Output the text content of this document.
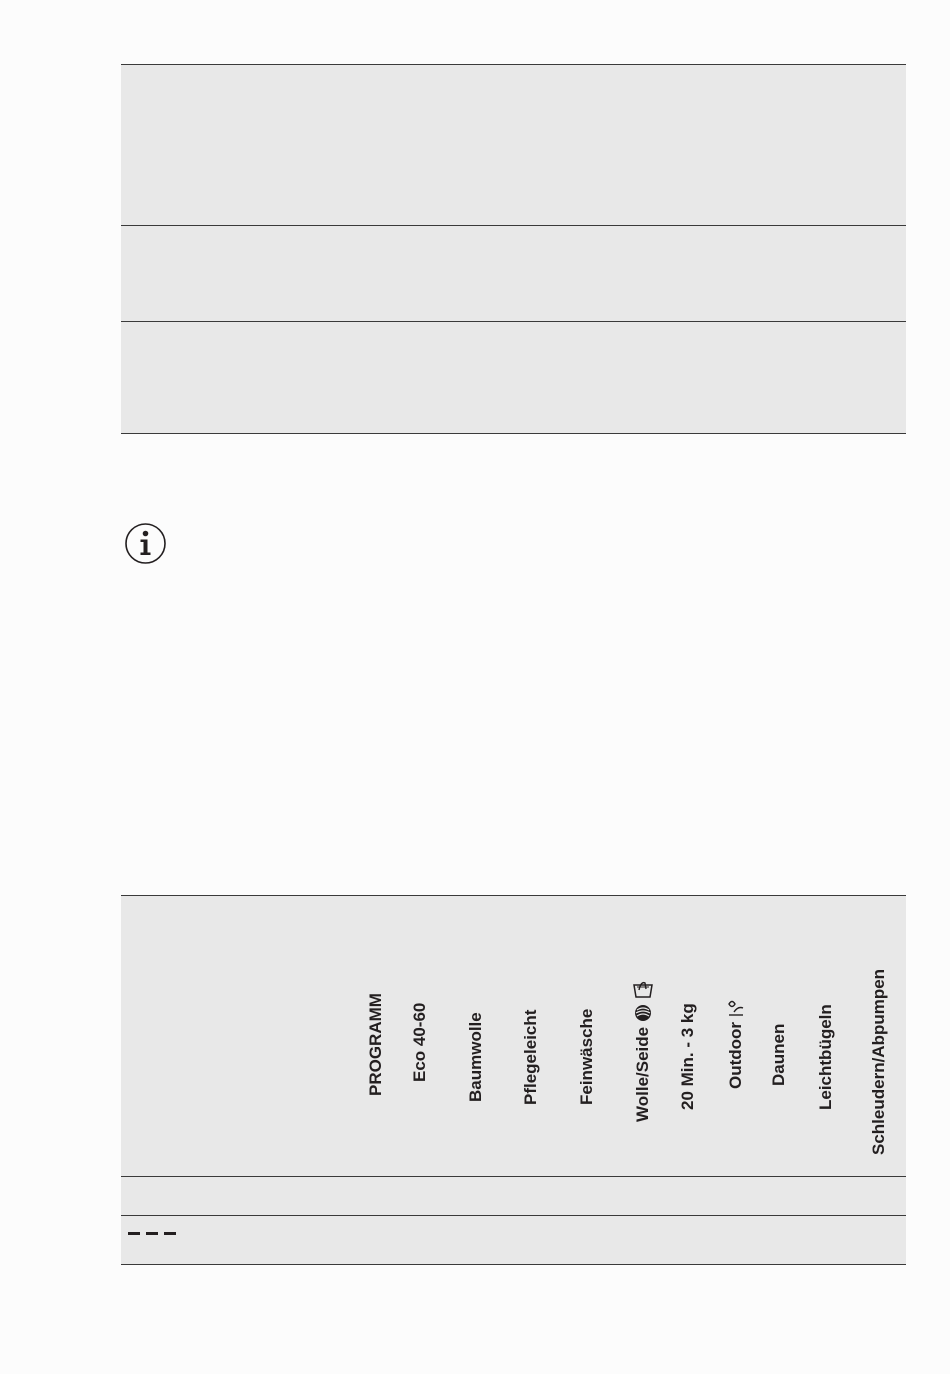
PROGRAMM Eco 40-60 Baumwolle Pflegeleicht Feinwäsche Wolle/Seide 20 Min. - 3 kg Outdoor Daunen Leichtbügeln Schleudern/Abpumpen
